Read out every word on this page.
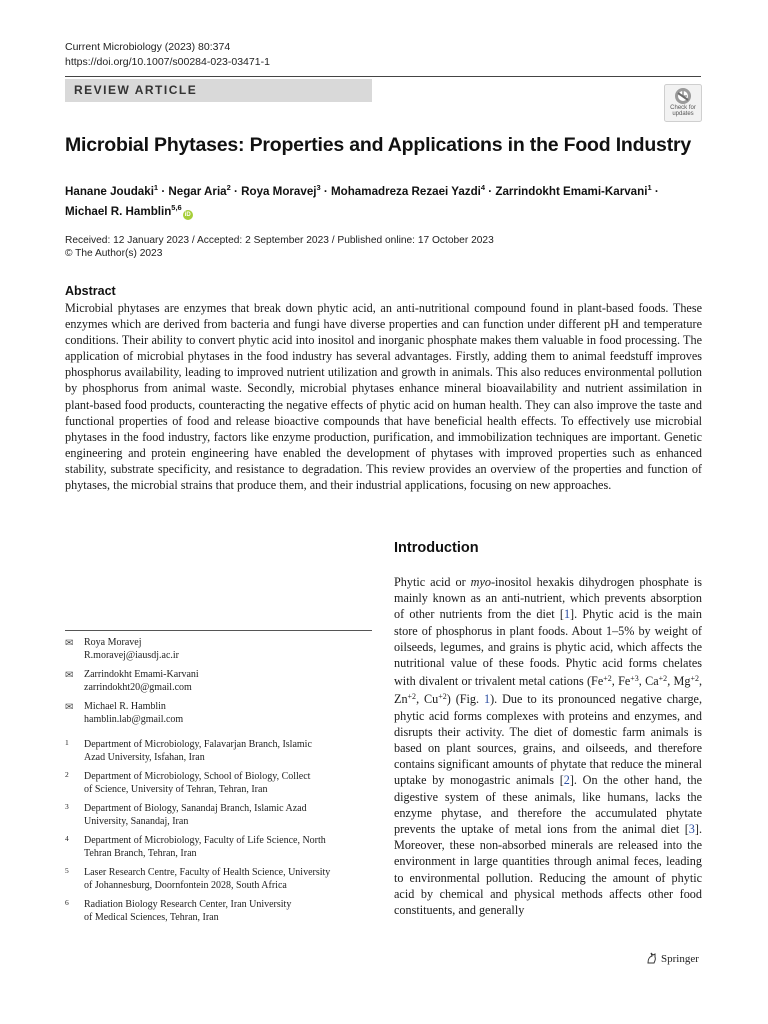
Current Microbiology (2023) 80:374
https://doi.org/10.1007/s00284-023-03471-1
REVIEW ARTICLE
Check for
updates
Microbial Phytases: Properties and Applications in the Food Industry
Hanane Joudaki$^1$ · Negar Aria$^2$ · Roya Moravej$^3$ · Mohamadreza Rezaei Yazdi$^4$ · Zarrindokht Emami-Karvani$^1$ ·
Michael R. Hamblin$^{5,6}$iD
Received: 12 January 2023 / Accepted: 2 September 2023 / Published online: 17 October 2023
© The Author(s) 2023
Abstract
Microbial phytases are enzymes that break down phytic acid, an anti-nutritional compound found in plant-based foods. These enzymes which are derived from bacteria and fungi have diverse properties and can function under different pH and temperature conditions. Their ability to convert phytic acid into inositol and inorganic phosphate makes them valuable in food processing. The application of microbial phytases in the food industry has several advantages. Firstly, adding them to animal feedstuff improves phosphorus availability, leading to improved nutrient utilization and growth in animals. This also reduces environmental pollution by phosphorus from animal waste. Secondly, microbial phytases enhance mineral bioavailability and nutrient assimilation in plant-based food products, counteracting the negative effects of phytic acid on human health. They can also improve the taste and functional properties of food and release bioactive compounds that have beneficial health effects. To effectively use microbial phytases in the food industry, factors like enzyme production, purification, and immobilization techniques are important. Genetic engineering and protein engineering have enabled the development of phytases with improved properties such as enhanced stability, substrate specificity, and resistance to degradation. This review provides an overview of the properties and function of phytases, the microbial strains that produce them, and their industrial applications, focusing on new approaches.
Introduction
Phytic acid or myo-inositol hexakis dihydrogen phosphate is mainly known as an anti-nutrient, which prevents absorption of other nutrients from the diet [1]. Phytic acid is the main store of phosphorus in plant foods. About 1–5% by weight of oilseeds, legumes, and grains is phytic acid, which affects the nutritional value of these foods. Phytic acid forms chelates with divalent or trivalent metal cations ($Fe^{+2}$, $Fe^{+3}$, $Ca^{+2}$, $Mg^{+2}$, $Zn^{+2}$, $Cu^{+2}$) (Fig. 1). Due to its pronounced negative charge, phytic acid forms complexes with proteins and enzymes, and disrupts their activity. The diet of domestic farm animals is based on plant sources, grains, and oilseeds, and therefore contains significant amounts of phytate that reduce the mineral uptake by monogastric animals [2]. On the other hand, the digestive system of these animals, like humans, lacks the enzyme phytase, and therefore the accumulated phytate prevents the uptake of metal ions from the animal diet [3]. Moreover, these non-absorbed minerals are released into the environment in large quantities through animal feces, leading to environmental pollution. Reducing the amount of phytic acid by chemical and physical methods affects other food constituents, and generally
✉ Roya Moravej
R.moravej@iausdj.ac.ir
✉ Zarrindokht Emami-Karvani
zarrindokht20@gmail.com
✉ Michael R. Hamblin
hamblin.lab@gmail.com
1 Department of Microbiology, Falavarjan Branch, Islamic
Azad University, Isfahan, Iran
2 Department of Microbiology, School of Biology, Collect
of Science, University of Tehran, Tehran, Iran
3 Department of Biology, Sanandaj Branch, Islamic Azad
University, Sanandaj, Iran
4 Department of Microbiology, Faculty of Life Science, North
Tehran Branch, Tehran, Iran
5 Laser Research Centre, Faculty of Health Science, University
of Johannesburg, Doornfontein 2028, South Africa
6 Radiation Biology Research Center, Iran University
of Medical Sciences, Tehran, Iran
Springer
